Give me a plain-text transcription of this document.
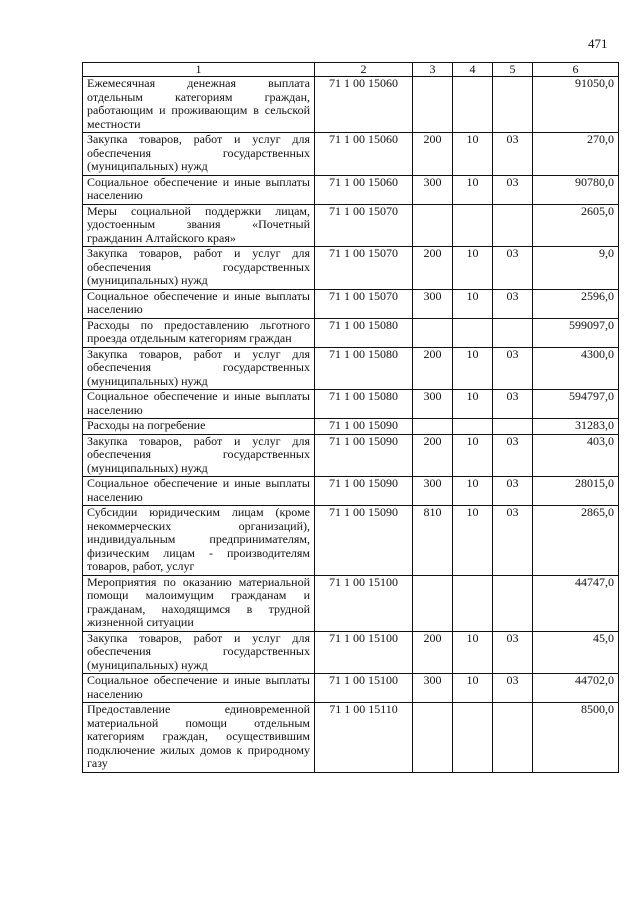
471
1	2	3	4	5	6
Ежемесячная денежная выплата отдельным категориям граждан, работающим и проживающим в сельской местности	71 1 00 15060				91050,0
Закупка товаров, работ и услуг для обеспечения государственных (муниципальных) нужд	71 1 00 15060	200	10	03	270,0
Социальное обеспечение и иные выплаты населению	71 1 00 15060	300	10	03	90780,0
Меры социальной поддержки лицам, удостоенным звания «Почетный гражданин Алтайского края»	71 1 00 15070				2605,0
Закупка товаров, работ и услуг для обеспечения государственных (муниципальных) нужд	71 1 00 15070	200	10	03	9,0
Социальное обеспечение и иные выплаты населению	71 1 00 15070	300	10	03	2596,0
Расходы по предоставлению льготного проезда отдельным категориям граждан	71 1 00 15080				599097,0
Закупка товаров, работ и услуг для обеспечения государственных (муниципальных) нужд	71 1 00 15080	200	10	03	4300,0
Социальное обеспечение и иные выплаты населению	71 1 00 15080	300	10	03	594797,0
Расходы на погребение	71 1 00 15090				31283,0
Закупка товаров, работ и услуг для обеспечения государственных (муниципальных) нужд	71 1 00 15090	200	10	03	403,0
Социальное обеспечение и иные выплаты населению	71 1 00 15090	300	10	03	28015,0
Субсидии юридическим лицам (кроме некоммерческих организаций), индивидуальным предпринимателям, физическим лицам - производителям товаров, работ, услуг	71 1 00 15090	810	10	03	2865,0
Мероприятия по оказанию материальной помощи малоимущим гражданам и гражданам, находящимся в трудной жизненной ситуации	71 1 00 15100				44747,0
Закупка товаров, работ и услуг для обеспечения государственных (муниципальных) нужд	71 1 00 15100	200	10	03	45,0
Социальное обеспечение и иные выплаты населению	71 1 00 15100	300	10	03	44702,0
Предоставление единовременной материальной помощи отдельным категориям граждан, осуществившим подключение жилых домов к природному газу	71 1 00 15110				8500,0
